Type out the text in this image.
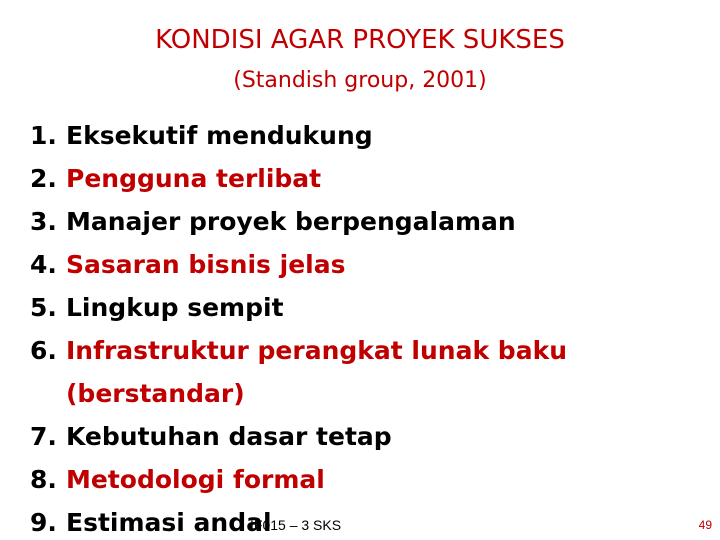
KONDISI AGAR PROYEK SUKSES
(Standish group, 2001)
1. Eksekutif mendukung
2. Pengguna terlibat
3. Manajer proyek berpengalaman
4. Sasaran bisnis jelas
5. Lingkup sempit
6. Infrastruktur perangkat lunak baku
(berstandar)
7. Kebutuhan dasar tetap
8. Metodologi formal
9. Estimasi andal
IF015 – 3 SKS	49
